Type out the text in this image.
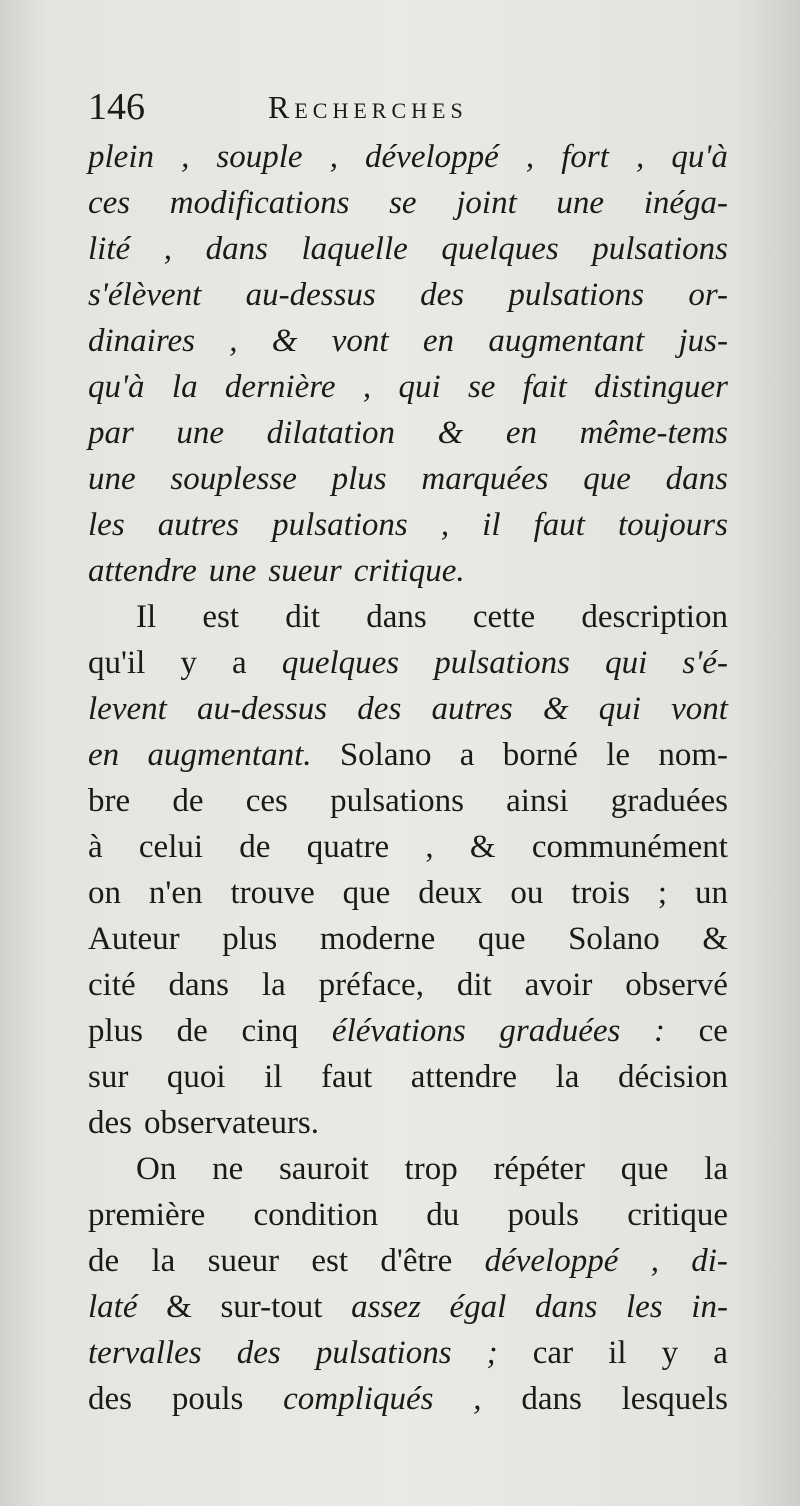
146	Recherches
plein , souple , développé , fort , qu'à
ces modifications se joint une inéga-
lité , dans laquelle quelques pulsations
s'élèvent au-dessus des pulsations or-
dinaires , & vont en augmentant jus-
qu'à la dernière , qui se fait distinguer
par une dilatation & en même-tems
une souplesse plus marquées que dans
les autres pulsations , il faut toujours
attendre une sueur critique.
Il est dit dans cette description
qu'il y a quelques pulsations qui s'é-
levent au-dessus des autres & qui vont
en augmentant. Solano a borné le nom-
bre de ces pulsations ainsi graduées
à celui de quatre , & communément
on n'en trouve que deux ou trois ; un
Auteur plus moderne que Solano &
cité dans la préface, dit avoir observé
plus de cinq élévations graduées : ce
sur quoi il faut attendre la décision
des observateurs.
On ne sauroit trop répéter que la
première condition du pouls critique
de la sueur est d'être développé , di-
laté & sur-tout assez égal dans les in-
tervalles des pulsations ; car il y a
des pouls compliqués , dans lesquels
